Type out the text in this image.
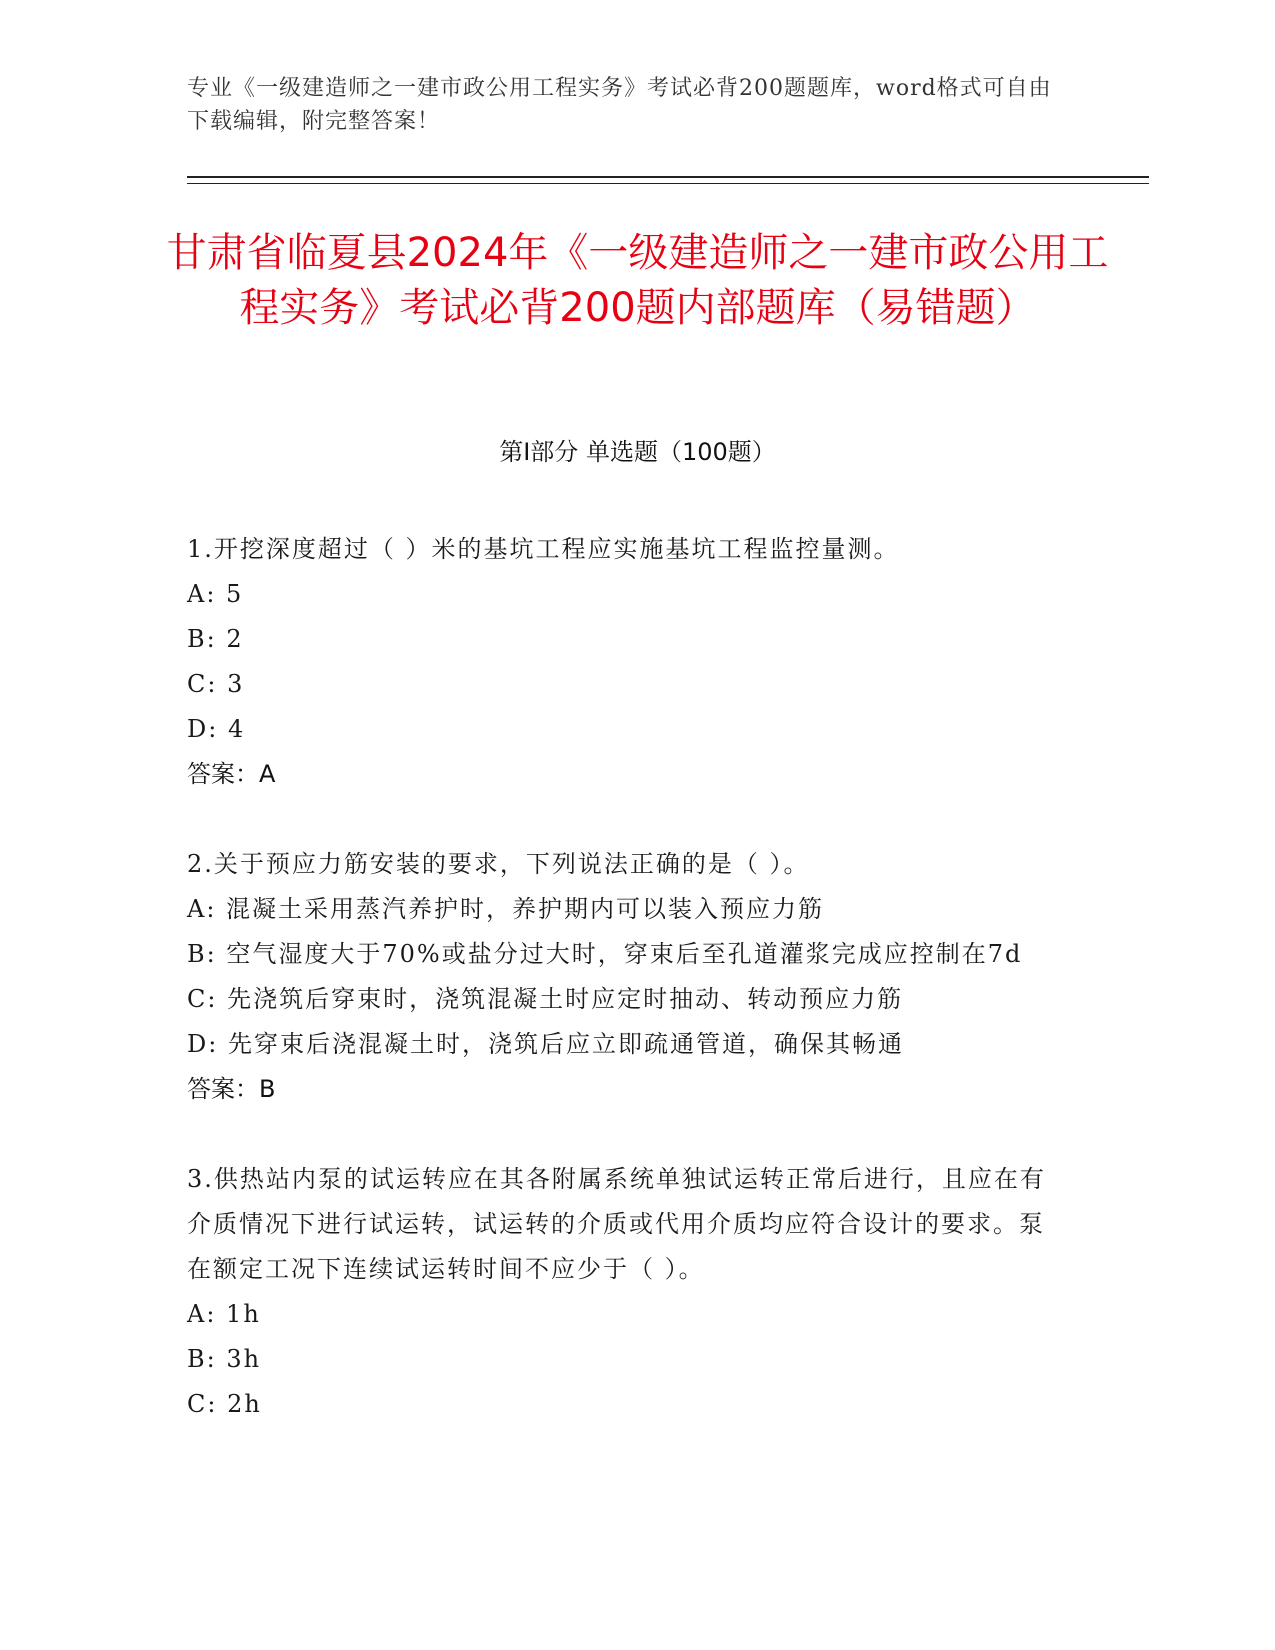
专业《一级建造师之一建市政公用工程实务》考试必背200题题库，word格式可自由下载编辑，附完整答案！
甘肃省临夏县2024年《一级建造师之一建市政公用工程实务》考试必背200题内部题库（易错题）
第Ⅰ部分 单选题（100题）
1.开挖深度超过（ ）米的基坑工程应实施基坑工程监控量测。
A: 5
B: 2
C: 3
D: 4
答案：A
2.关于预应力筋安装的要求，下列说法正确的是（ ）。
A: 混凝土采用蒸汽养护时，养护期内可以装入预应力筋
B: 空气湿度大于70%或盐分过大时，穿束后至孔道灌浆完成应控制在7d
C: 先浇筑后穿束时，浇筑混凝土时应定时抽动、转动预应力筋
D: 先穿束后浇混凝土时，浇筑后应立即疏通管道，确保其畅通
答案：B
3.供热站内泵的试运转应在其各附属系统单独试运转正常后进行，且应在有介质情况下进行试运转，试运转的介质或代用介质均应符合设计的要求。泵在额定工况下连续试运转时间不应少于（ ）。
A: 1h
B: 3h
C: 2h
